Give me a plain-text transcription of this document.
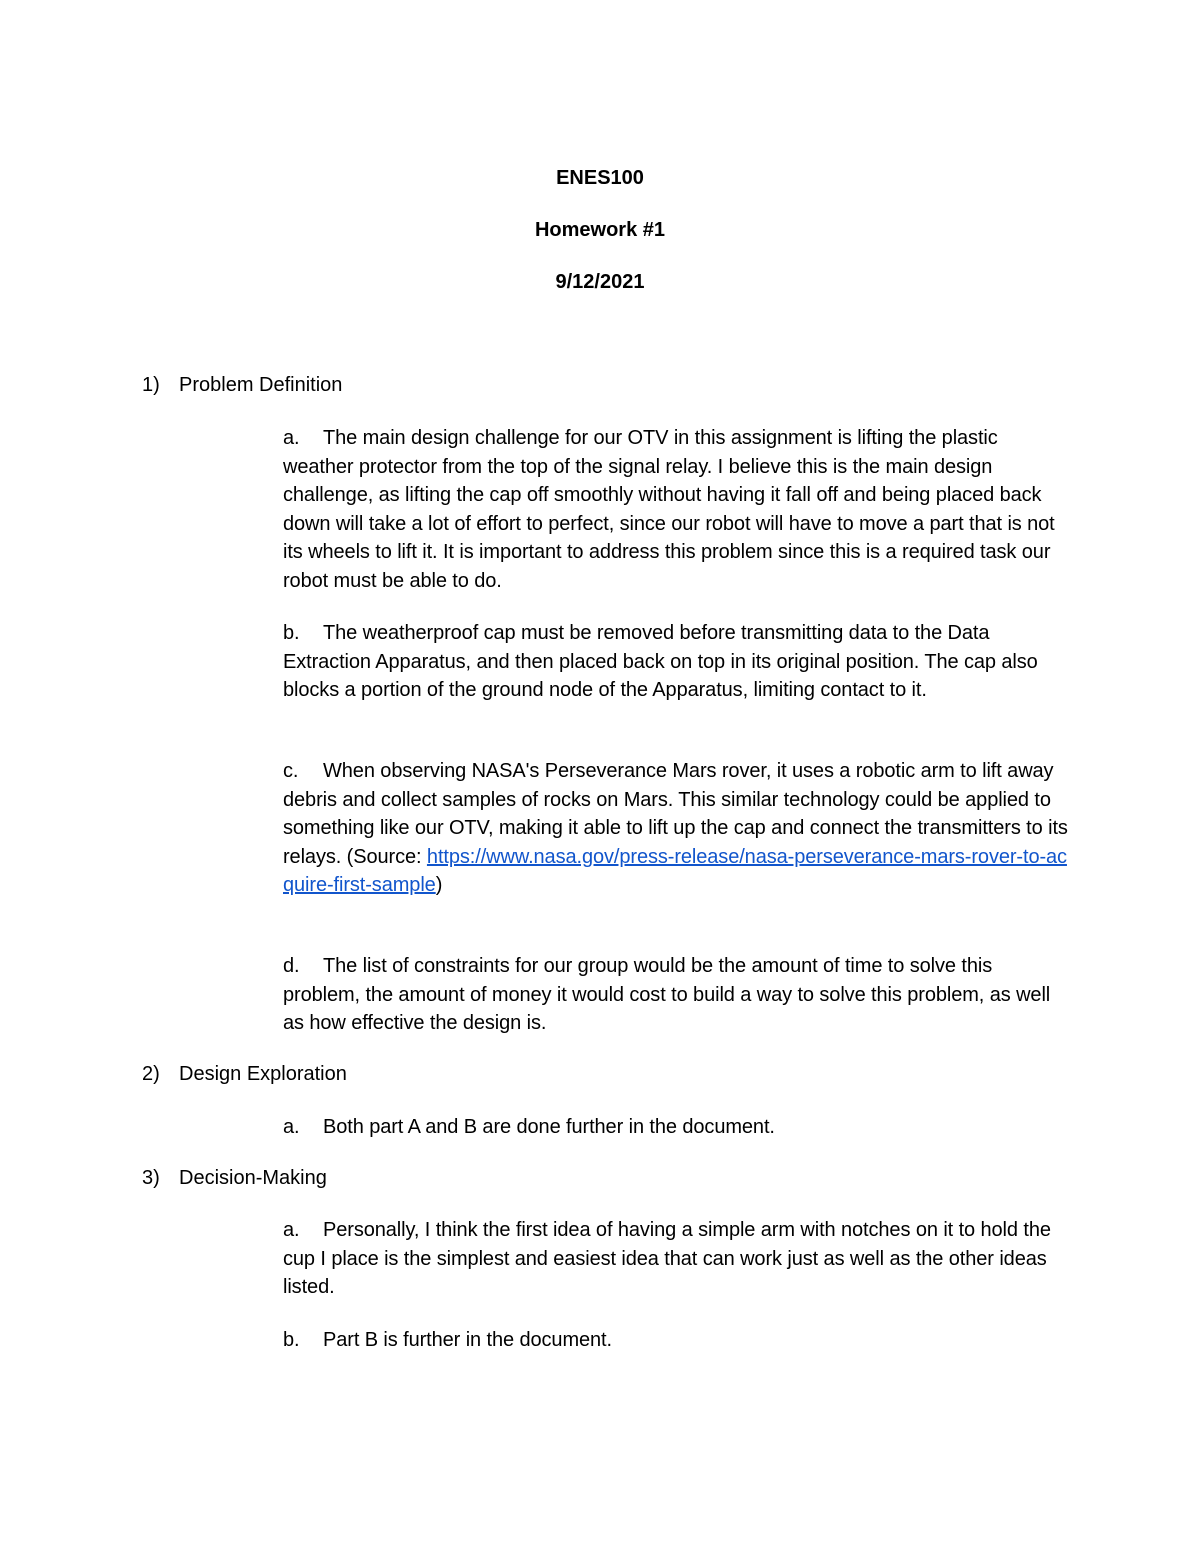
ENES100
Homework #1
9/12/2021
1) Problem Definition
a. The main design challenge for our OTV in this assignment is lifting the plastic weather protector from the top of the signal relay. I believe this is the main design challenge, as lifting the cap off smoothly without having it fall off and being placed back down will take a lot of effort to perfect, since our robot will have to move a part that is not its wheels to lift it. It is important to address this problem since this is a required task our robot must be able to do.
b. The weatherproof cap must be removed before transmitting data to the Data Extraction Apparatus, and then placed back on top in its original position. The cap also blocks a portion of the ground node of the Apparatus, limiting contact to it.
c. When observing NASA's Perseverance Mars rover, it uses a robotic arm to lift away debris and collect samples of rocks on Mars. This similar technology could be applied to something like our OTV, making it able to lift up the cap and connect the transmitters to its relays. (Source: https://www.nasa.gov/press-release/nasa-perseverance-mars-rover-to-acquire-first-sample)
d. The list of constraints for our group would be the amount of time to solve this problem, the amount of money it would cost to build a way to solve this problem, as well as how effective the design is.
2) Design Exploration
a. Both part A and B are done further in the document.
3) Decision-Making
a. Personally, I think the first idea of having a simple arm with notches on it to hold the cup I place is the simplest and easiest idea that can work just as well as the other ideas listed.
b. Part B is further in the document.
